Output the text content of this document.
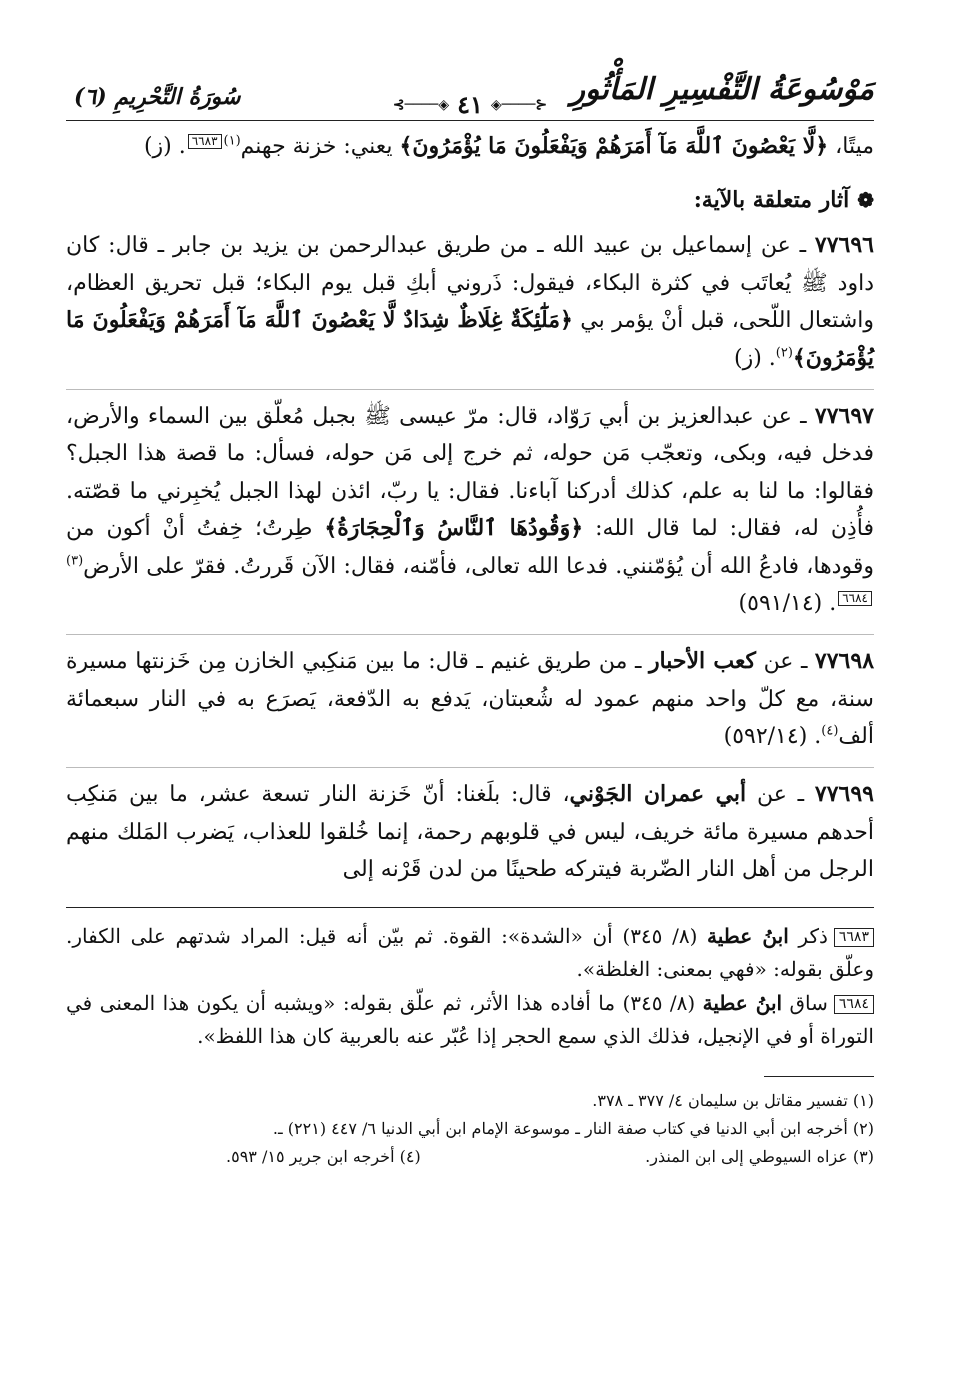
مَوْسُوعَةُ التَّفْسِيرِ المَأْثُورِ
⊰────◈ ٤١ ◈────⊱
سُورَةُ التَّحْرِيمِ (٦)

ميتًا، ﴿لَّا يَعْصُونَ ٱللَّهَ مَآ أَمَرَهُمْ وَيَفْعَلُونَ مَا يُؤْمَرُونَ﴾ يعني: خزنة جهنم$^{(١)}$٦٦٨٣. (ز)

❁
آثار متعلقة بالآية:

٧٧٦٩٦ ـ عن إسماعيل بن عبيد الله ـ من طريق عبدالرحمن بن يزيد بن جابر ـ قال: كان داود ﷺ يُعاتَب في كثرة البكاء، فيقول: ذَروني أبكِ قبل يوم البكاء؛ قبل تحريق العظام، واشتعال اللّحى، قبل أنْ يؤمر بي ﴿مَلَٰٓئِكَةٌ غِلَاظٌ شِدَادٌ لَّا يَعْصُونَ ٱللَّهَ مَآ أَمَرَهُمْ وَيَفْعَلُونَ مَا يُؤْمَرُونَ﴾$^{(٢)}$. (ز)

٧٧٦٩٧ ـ عن عبدالعزيز بن أبي رَوّاد، قال: مرّ عيسى ﷺ بجبل مُعلّق بين السماء والأرض، فدخل فيه، وبكى، وتعجّب مَن حوله، ثم خرج إلى مَن حوله، فسأل: ما قصة هذا الجبل؟ فقالوا: ما لنا به علم، كذلك أدركنا آباءنا. فقال: يا ربّ، ائذن لهذا الجبل يُخبِرني ما قصّته. فأُذِن له، فقال: لما قال الله: ﴿وَقُودُهَا ٱلنَّاسُ وَٱلْحِجَارَةُ﴾ طِرتُ؛ خِفتُ أنْ أكون من وقودها، فادعُ الله أن يُؤمّنني. فدعا الله تعالى، فأمّنه، فقال: الآن قَررتُ. فقرّ على الأرض$^{(٣)}$٦٦٨٤. (٥٩١/١٤)

٧٧٦٩٨ ـ عن كعب الأحبار ـ من طريق غنيم ـ قال: ما بين مَنكِبي الخازن مِن خَزنتها مسيرة سنة، مع كلّ واحد منهم عمود له شُعبتان، يَدفع به الدّفعة، يَصرَع به في النار سبعمائة ألف$^{(٤)}$. (٥٩٢/١٤)

٧٧٦٩٩ ـ عن أبي عمران الجَوْني، قال: بلَغنا: أنّ خَزنة النار تسعة عشر، ما بين مَنكِب أحدهم مسيرة مائة خريف، ليس في قلوبهم رحمة، إنما خُلقوا للعذاب، يَضرب المَلك منهم الرجل من أهل النار الضّربة فيتركه طحينًا من لدن قَرْنه إلى

٦٦٨٣ذكر ابنُ عطية (٨/ ٣٤٥) أن «الشدة»: القوة. ثم بيّن أنه قيل: المراد شدتهم على الكفار. وعلّق بقوله: «فهي بمعنى: الغلظة».

٦٦٨٤ساق ابنُ عطية (٨/ ٣٤٥) ما أفاده هذا الأثر، ثم علّق بقوله: «ويشبه أن يكون هذا المعنى في التوراة أو في الإنجيل، فذلك الذي سمع الحجر إذا عُبّر عنه بالعربية كان هذا اللفظ».

(١) تفسير مقاتل بن سليمان ٤/ ٣٧٧ ـ ٣٧٨.
(٢) أخرجه ابن أبي الدنيا في كتاب صفة النار ـ موسوعة الإمام ابن أبي الدنيا ٦/ ٤٤٧ (٢٢١) ـ.
(٣) عزاه السيوطي إلى ابن المنذر.
(٤) أخرجه ابن جرير ١٥/ ٥٩٣.
